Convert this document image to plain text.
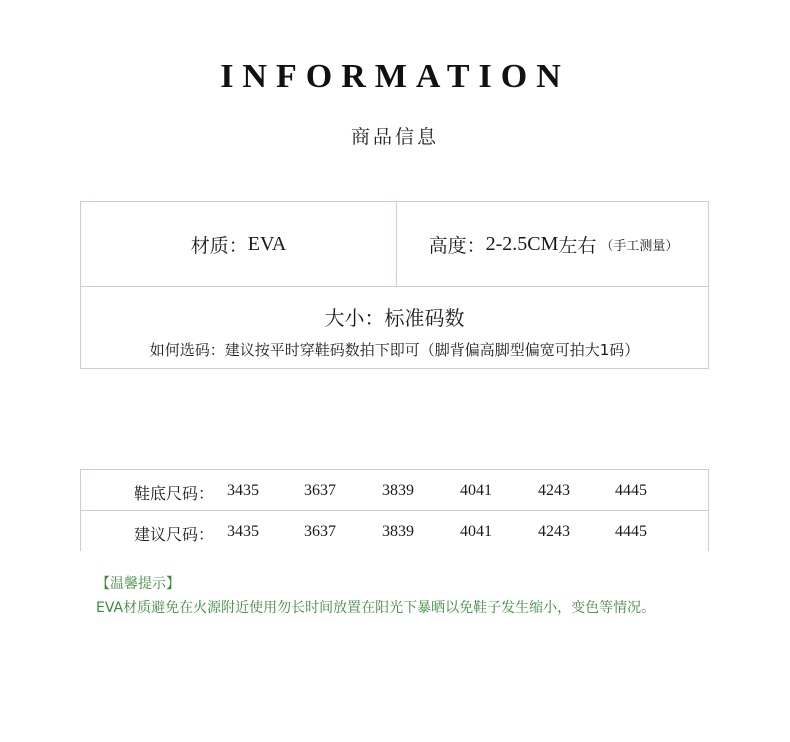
INFORMATION
商品信息
材质： EVA	高度： 2-2.5CM 左右 （手工测量）
大小：标准码数
如何选码：建议按平时穿鞋码数拍下即可（脚背偏高脚型偏宽可拍大1码）
鞋底尺码： 3435	3637	3839	4041	4243	4445
建议尺码： 3435	3637	3839	4041	4243	4445
【温馨提示】
EVA材质避免在火源附近使用勿长时间放置在阳光下暴晒以免鞋子发生缩小，变色等情况。
